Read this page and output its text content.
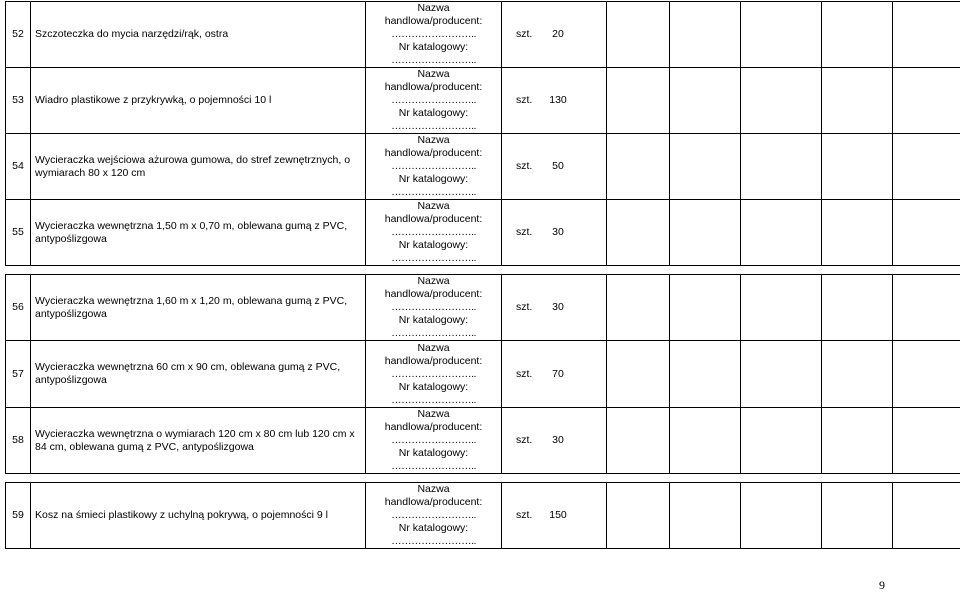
52	Szczoteczka do mycia narzędzi/rąk, ostra	Nazwa
handlowa/producent:
……………………..
Nr katalogowy:
……………………..	szt. 20					
53	Wiadro plastikowe z przykrywką, o pojemności 10 l	Nazwa
handlowa/producent:
……………………..
Nr katalogowy:
……………………..	szt. 130					
54	Wycieraczka wejściowa ażurowa gumowa, do stref zewnętrznych, o wymiarach 80 x 120 cm	Nazwa
handlowa/producent:
……………………..
Nr katalogowy:
……………………..	szt. 50					
55	Wycieraczka wewnętrzna 1,50 m x 0,70 m, oblewana gumą z PVC, antypoślizgowa	Nazwa
handlowa/producent:
……………………..
Nr katalogowy:
……………………..	szt. 30					

56	Wycieraczka wewnętrzna 1,60 m x 1,20 m, oblewana gumą z PVC, antypoślizgowa	Nazwa
handlowa/producent:
……………………..
Nr katalogowy:
……………………..	szt. 30					
57	Wycieraczka wewnętrzna 60 cm x 90 cm, oblewana gumą z PVC, antypoślizgowa	Nazwa
handlowa/producent:
……………………..
Nr katalogowy:
……………………..	szt. 70					
58	Wycieraczka wewnętrzna o wymiarach 120 cm x 80 cm lub 120 cm x 84 cm, oblewana gumą z PVC, antypoślizgowa	Nazwa
handlowa/producent:
……………………..
Nr katalogowy:
……………………..	szt. 30					

59	Kosz na śmieci plastikowy z uchylną pokrywą, o pojemności 9 l	Nazwa
handlowa/producent:
……………………..
Nr katalogowy:
……………………..	szt. 150					
9
